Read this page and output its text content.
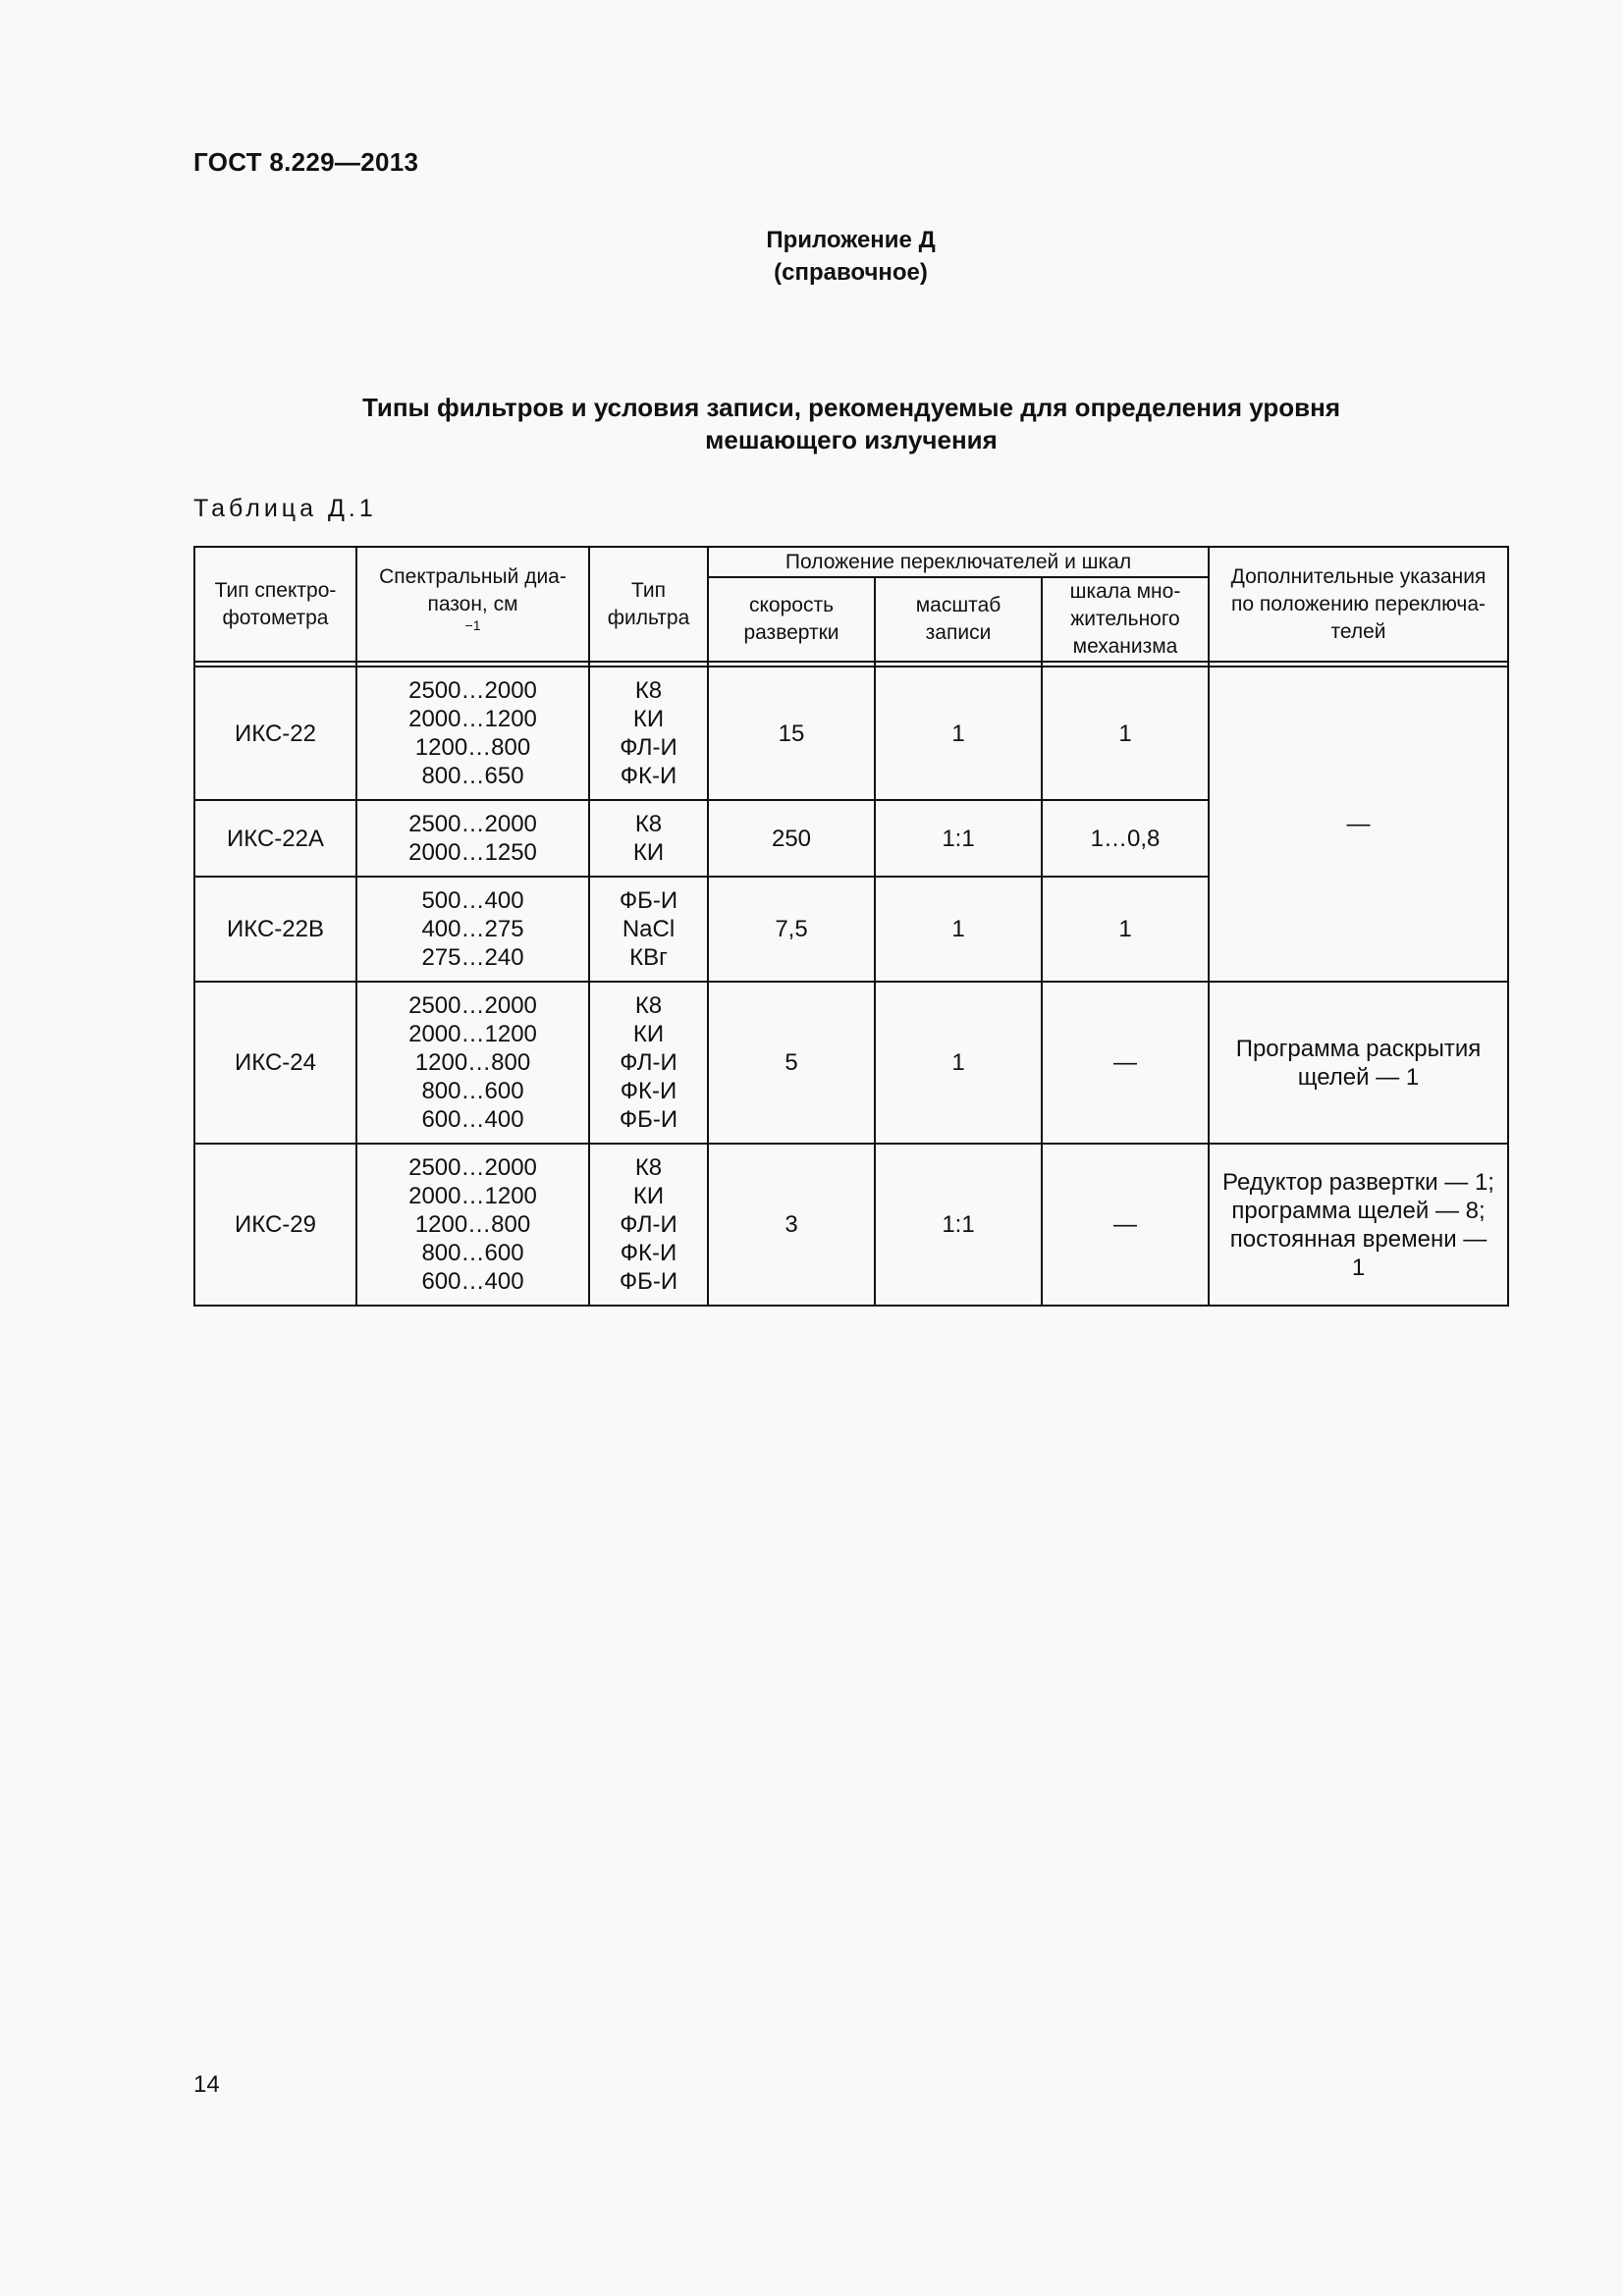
ГОСТ 8.229—2013
Приложение Д
(справочное)
Типы фильтров и условия записи, рекомендуемые для определения уровня
мешающего излучения
Таблица Д.1
Тип спектро-
фотометра	Спектральный диа-
пазон, см
$^{-1}$	Тип
фильтра	Положение переключателей и шкал			Дополнительные указания
по положению переключа-
телей

			скорость
развертки	масштаб
записи	шкала мно-
жительного
механизма	

ИКС-22	2500…2000
2000…1200
1200…800
800…650	К8
КИ
ФЛ-И
ФК-И	15	1	1	—
ИКС-22А	2500…2000
2000…1250	К8
КИ	250	1:1	1…0,8	
ИКС-22В	500…400
400…275
275…240	ФБ-И
NaCl
КВг	7,5	1	1	
ИКС-24	2500…2000
2000…1200
1200…800
800…600
600…400	К8
КИ
ФЛ-И
ФК-И
ФБ-И	5	1	—	Программа раскрытия
щелей — 1

ИКС-29	2500…2000
2000…1200
1200…800
800…600
600…400	К8
КИ
ФЛ-И
ФК-И
ФБ-И	3	1:1	—	Редуктор развертки — 1;
программа щелей — 8;
постоянная времени —
1
14
